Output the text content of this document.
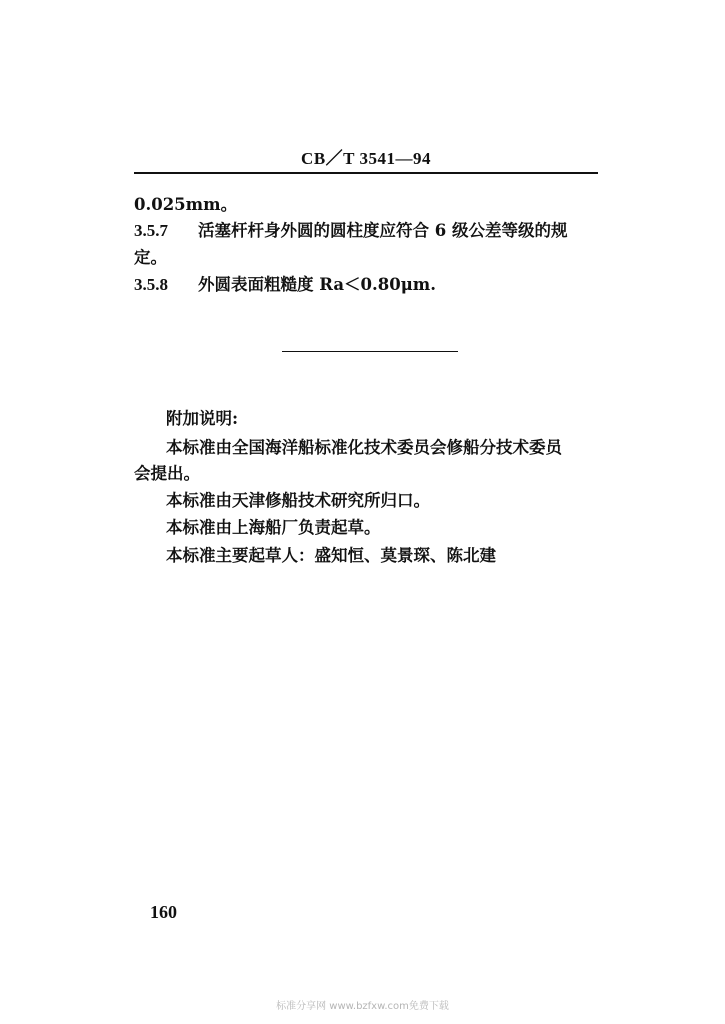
CB／T 3541—94
0.025mm。
3.5.7 活塞杆杆身外圆的圆柱度应符合 6 级公差等级的规
定。
3.5.8 外圆表面粗糙度 Ra＜0.80μm.
附加说明:
本标准由全国海洋船标准化技术委员会修船分技术委员
会提出。
本标准由天津修船技术研究所归口。
本标准由上海船厂负责起草。
本标准主要起草人：盛知恒、莫景琛、陈北建
160
标准分享网 www.bzfxw.com免费下载
